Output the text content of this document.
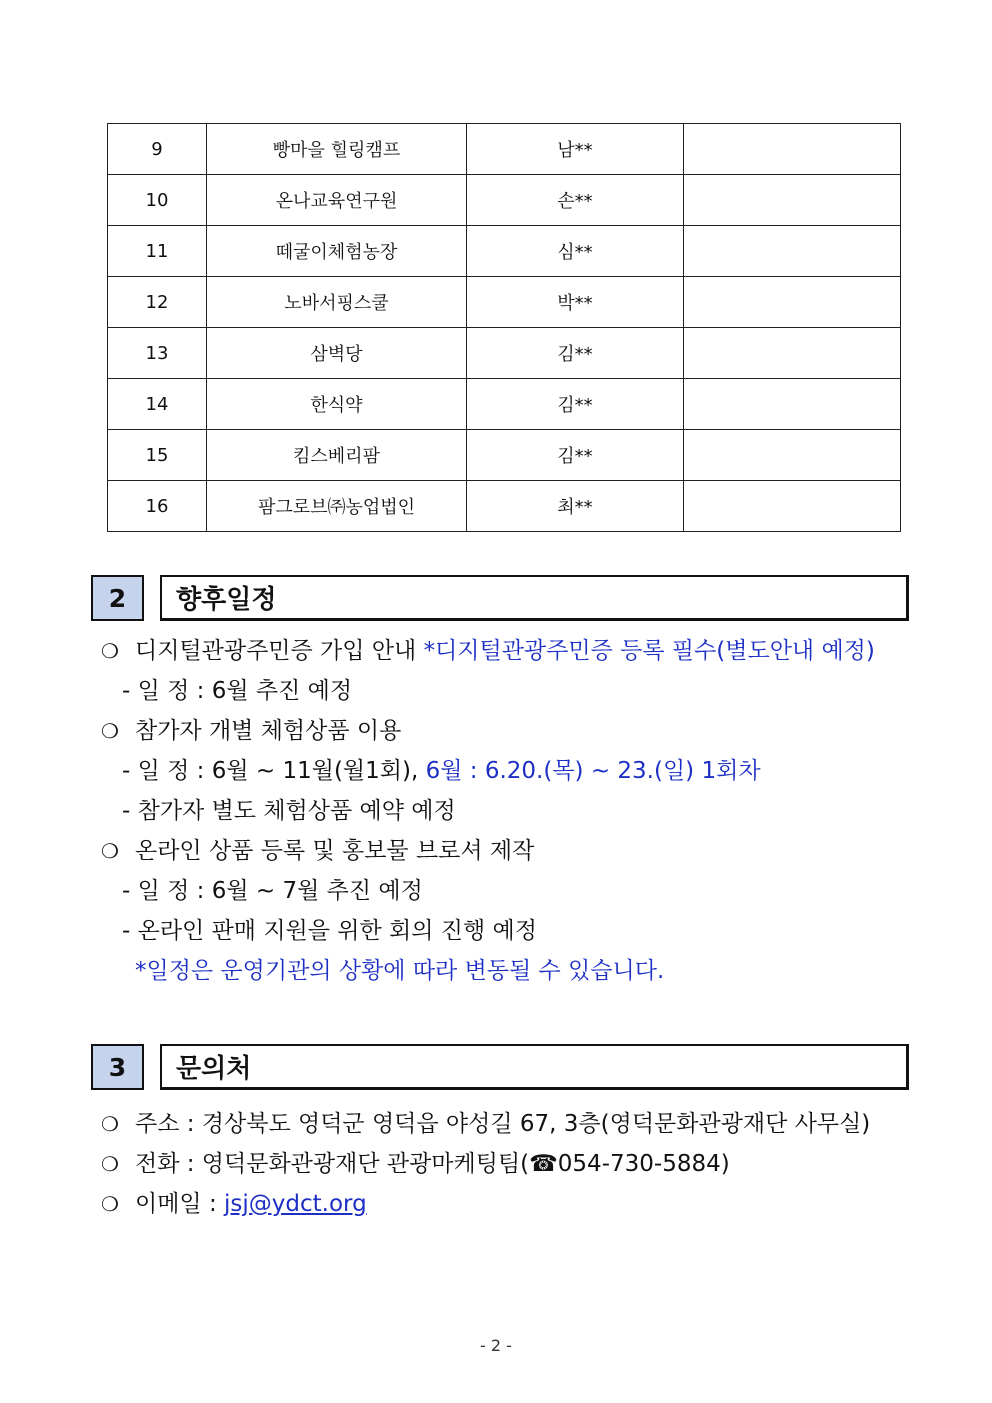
9	빵마을 힐링캠프	남**	
10	온나교육연구원	손**	
11	떼굴이체험농장	심**	
12	노바서핑스쿨	박**	
13	삼벽당	김**	
14	한식약	김**	
15	킴스베리팜	김**	
16	팜그로브㈜농업법인	최**	
2	향후일정
❍ 디지털관광주민증 가입 안내 *디지털관광주민증 등록 필수(별도안내 예정)
- 일 정 : 6월 추진 예정
❍ 참가자 개별 체험상품 이용
- 일 정 : 6월 ~ 11월(월1회), 6월 : 6.20.(목) ~ 23.(일) 1회차
- 참가자 별도 체험상품 예약 예정
❍ 온라인 상품 등록 및 홍보물 브로셔 제작
- 일 정 : 6월 ~ 7월 추진 예정
- 온라인 판매 지원을 위한 회의 진행 예정
*일정은 운영기관의 상황에 따라 변동될 수 있습니다.
3	문의처
❍ 주소 : 경상북도 영덕군 영덕읍 야성길 67, 3층(영덕문화관광재단 사무실)
❍ 전화 : 영덕문화관광재단 관광마케팅팀(☎054-730-5884)
❍ 이메일 : jsj@ydct.org
- 2 -
